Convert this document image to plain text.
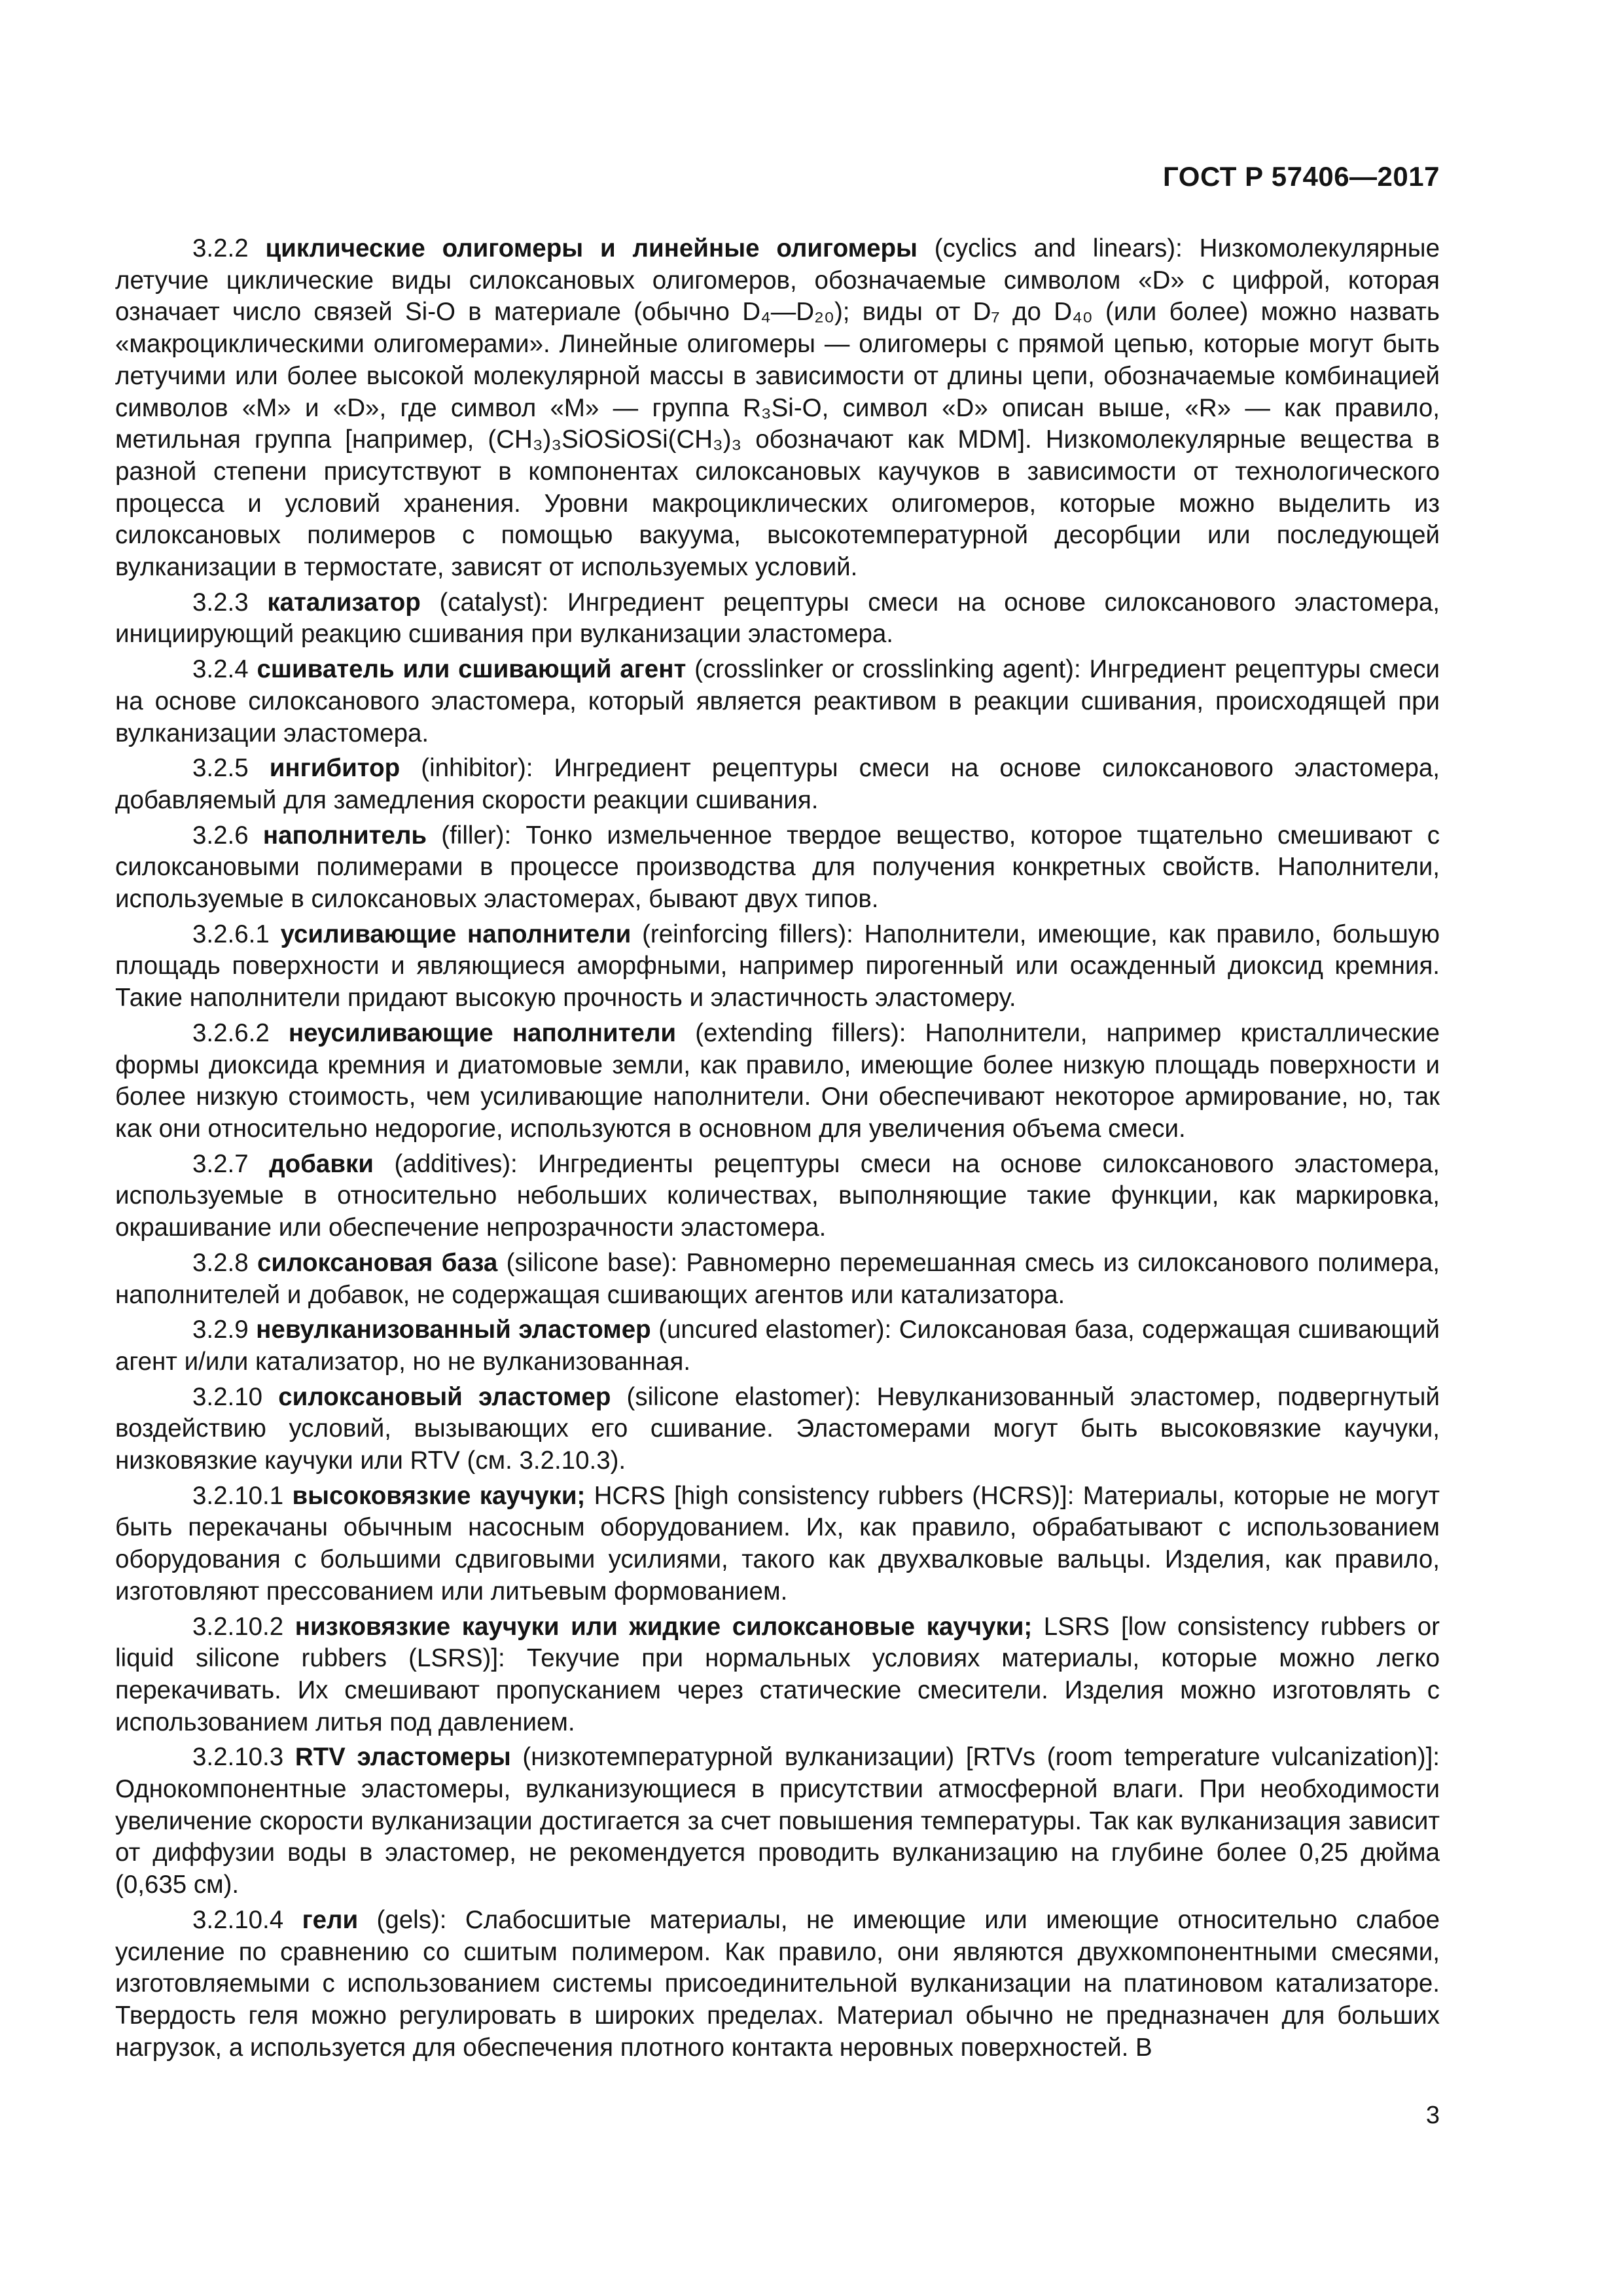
ГОСТ Р 57406—2017

3.2.2 циклические олигомеры и линейные олигомеры (cyclics and linears): Низкомолекулярные летучие циклические виды силоксановых олигомеров, обозначаемые символом «D» с цифрой, которая означает число связей Si-O в материале (обычно D₄—D₂₀); виды от D₇ до D₄₀ (или более) можно назвать «макроциклическими олигомерами». Линейные олигомеры — олигомеры с прямой цепью, которые могут быть летучими или более высокой молекулярной массы в зависимости от длины цепи, обозначаемые комбинацией символов «M» и «D», где символ «M» — группа R₃Si-O, символ «D» описан выше, «R» — как правило, метильная группа [например, (CH₃)₃SiOSiOSi(CH₃)₃ обозначают как MDM]. Низкомолекулярные вещества в разной степени присутствуют в компонентах силоксановых каучуков в зависимости от технологического процесса и условий хранения. Уровни макроциклических олигомеров, которые можно выделить из силоксановых полимеров с помощью вакуума, высокотемпературной десорбции или последующей вулканизации в термостате, зависят от используемых условий.

3.2.3 катализатор (catalyst): Ингредиент рецептуры смеси на основе силоксанового эластомера, инициирующий реакцию сшивания при вулканизации эластомера.

3.2.4 сшиватель или сшивающий агент (crosslinker or crosslinking agent): Ингредиент рецептуры смеси на основе силоксанового эластомера, который является реактивом в реакции сшивания, происходящей при вулканизации эластомера.

3.2.5 ингибитор (inhibitor): Ингредиент рецептуры смеси на основе силоксанового эластомера, добавляемый для замедления скорости реакции сшивания.

3.2.6 наполнитель (filler): Тонко измельченное твердое вещество, которое тщательно смешивают с силоксановыми полимерами в процессе производства для получения конкретных свойств. Наполнители, используемые в силоксановых эластомерах, бывают двух типов.

3.2.6.1 усиливающие наполнители (reinforcing fillers): Наполнители, имеющие, как правило, большую площадь поверхности и являющиеся аморфными, например пирогенный или осажденный диоксид кремния. Такие наполнители придают высокую прочность и эластичность эластомеру.

3.2.6.2 неусиливающие наполнители (extending fillers): Наполнители, например кристаллические формы диоксида кремния и диатомовые земли, как правило, имеющие более низкую площадь поверхности и более низкую стоимость, чем усиливающие наполнители. Они обеспечивают некоторое армирование, но, так как они относительно недорогие, используются в основном для увеличения объема смеси.

3.2.7 добавки (additives): Ингредиенты рецептуры смеси на основе силоксанового эластомера, используемые в относительно небольших количествах, выполняющие такие функции, как маркировка, окрашивание или обеспечение непрозрачности эластомера.

3.2.8 силоксановая база (silicone base): Равномерно перемешанная смесь из силоксанового полимера, наполнителей и добавок, не содержащая сшивающих агентов или катализатора.

3.2.9 невулканизованный эластомер (uncured elastomer): Силоксановая база, содержащая сшивающий агент и/или катализатор, но не вулканизованная.

3.2.10 силоксановый эластомер (silicone elastomer): Невулканизованный эластомер, подвергнутый воздействию условий, вызывающих его сшивание. Эластомерами могут быть высоковязкие каучуки, низковязкие каучуки или RTV (см. 3.2.10.3).

3.2.10.1 высоковязкие каучуки; HCRS [high consistency rubbers (HCRS)]: Материалы, которые не могут быть перекачаны обычным насосным оборудованием. Их, как правило, обрабатывают с использованием оборудования с большими сдвиговыми усилиями, такого как двухвалковые вальцы. Изделия, как правило, изготовляют прессованием или литьевым формованием.

3.2.10.2 низковязкие каучуки или жидкие силоксановые каучуки; LSRS [low consistency rubbers or liquid silicone rubbers (LSRS)]: Текучие при нормальных условиях материалы, которые можно легко перекачивать. Их смешивают пропусканием через статические смесители. Изделия можно изготовлять с использованием литья под давлением.

3.2.10.3 RTV эластомеры (низкотемпературной вулканизации) [RTVs (room temperature vulcanization)]: Однокомпонентные эластомеры, вулканизующиеся в присутствии атмосферной влаги. При необходимости увеличение скорости вулканизации достигается за счет повышения температуры. Так как вулканизация зависит от диффузии воды в эластомер, не рекомендуется проводить вулканизацию на глубине более 0,25 дюйма (0,635 см).

3.2.10.4 гели (gels): Слабосшитые материалы, не имеющие или имеющие относительно слабое усиление по сравнению со сшитым полимером. Как правило, они являются двухкомпонентными смесями, изготовляемыми с использованием системы присоединительной вулканизации на платиновом катализаторе. Твердость геля можно регулировать в широких пределах. Материал обычно не предназначен для больших нагрузок, а используется для обеспечения плотного контакта неровных поверхностей. В

3
